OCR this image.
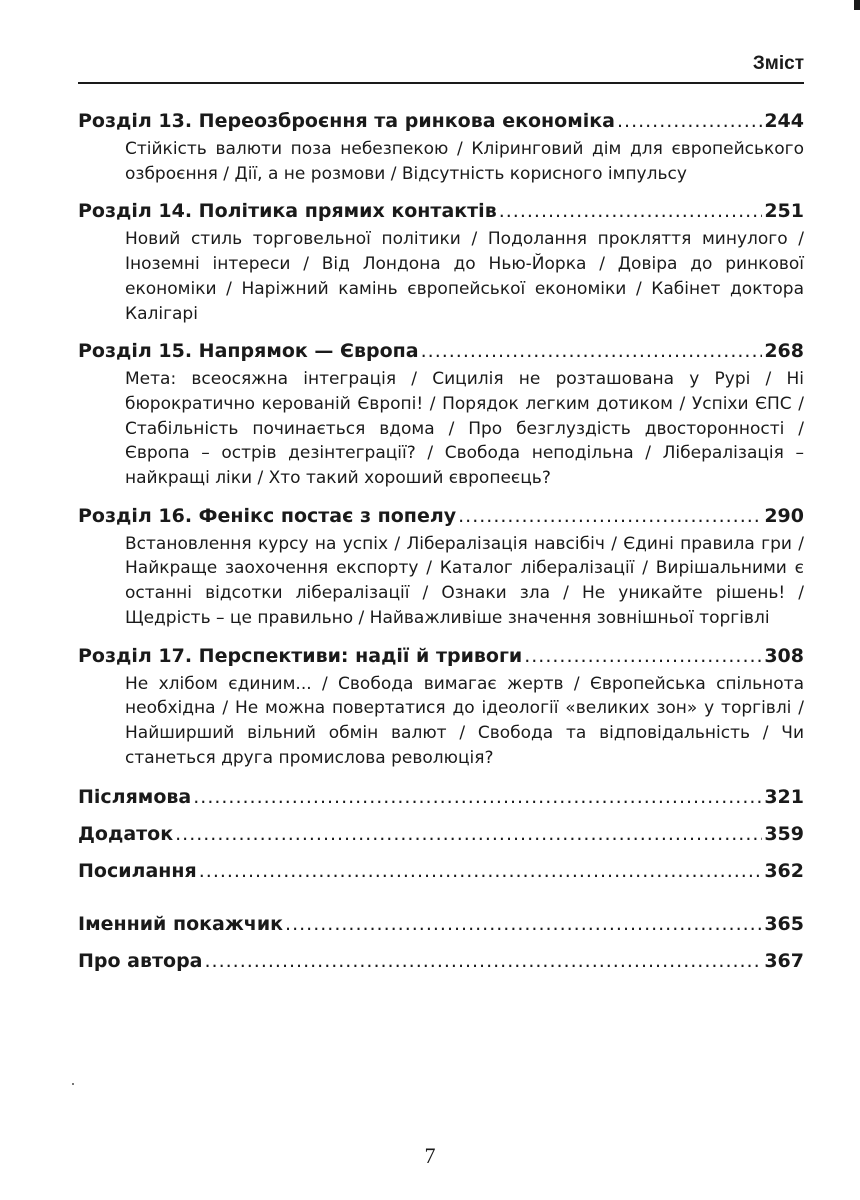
Зміст
Розділ 13. Переозброєння та ринкова економіка .....	244

Стійкість валюти поза небезпекою / Кліринговий дім для європейського озброєння / Дії, а не розмови / Відсутність корисного імпульсу

Розділ 14. Політика прямих контактів .....	251

Новий стиль торговельної політики / Подолання прокляття минулого / Іноземні інтереси / Від Лондона до Нью-Йорка / Довіра до ринкової економіки / Наріжний камінь європейської економіки / Кабінет доктора Калігарі

Розділ 15. Напрямок — Європа .....	268

Мета: всеосяжна інтеграція / Сицилія не розташована у Рурі / Ні бюрократично керованій Європі! / Порядок легким дотиком / Успіхи ЄПС / Стабільність починається вдома / Про безглуздість двосторонності / Європа – острів дезінтеграції? / Свобода неподільна / Лібералізація – найкращі ліки / Хто такий хороший європеєць?

Розділ 16. Фенікс постає з попелу .....	290

Встановлення курсу на успіх / Лібералізація навсібіч / Єдині правила гри / Найкраще заохочення експорту / Каталог лібералізації / Вирішальними є останні відсотки лібералізації / Ознаки зла / Не уникайте рішень! / Щедрість – це правильно / Найважливіше значення зовнішньої торгівлі

Розділ 17. Перспективи: надії й тривоги .....	308

Не хлібом єдиним... / Свобода вимагає жертв / Європейська спільнота необхідна / Не можна повертатися до ідеології «великих зон» у торгівлі / Найширший вільний обмін валют / Свобода та відповідальність / Чи станеться друга промислова революція?

Післямова .....	321
Додаток .....	359
Посилання .....	362
Іменний покажчик .....	365
Про автора .....	367
7
